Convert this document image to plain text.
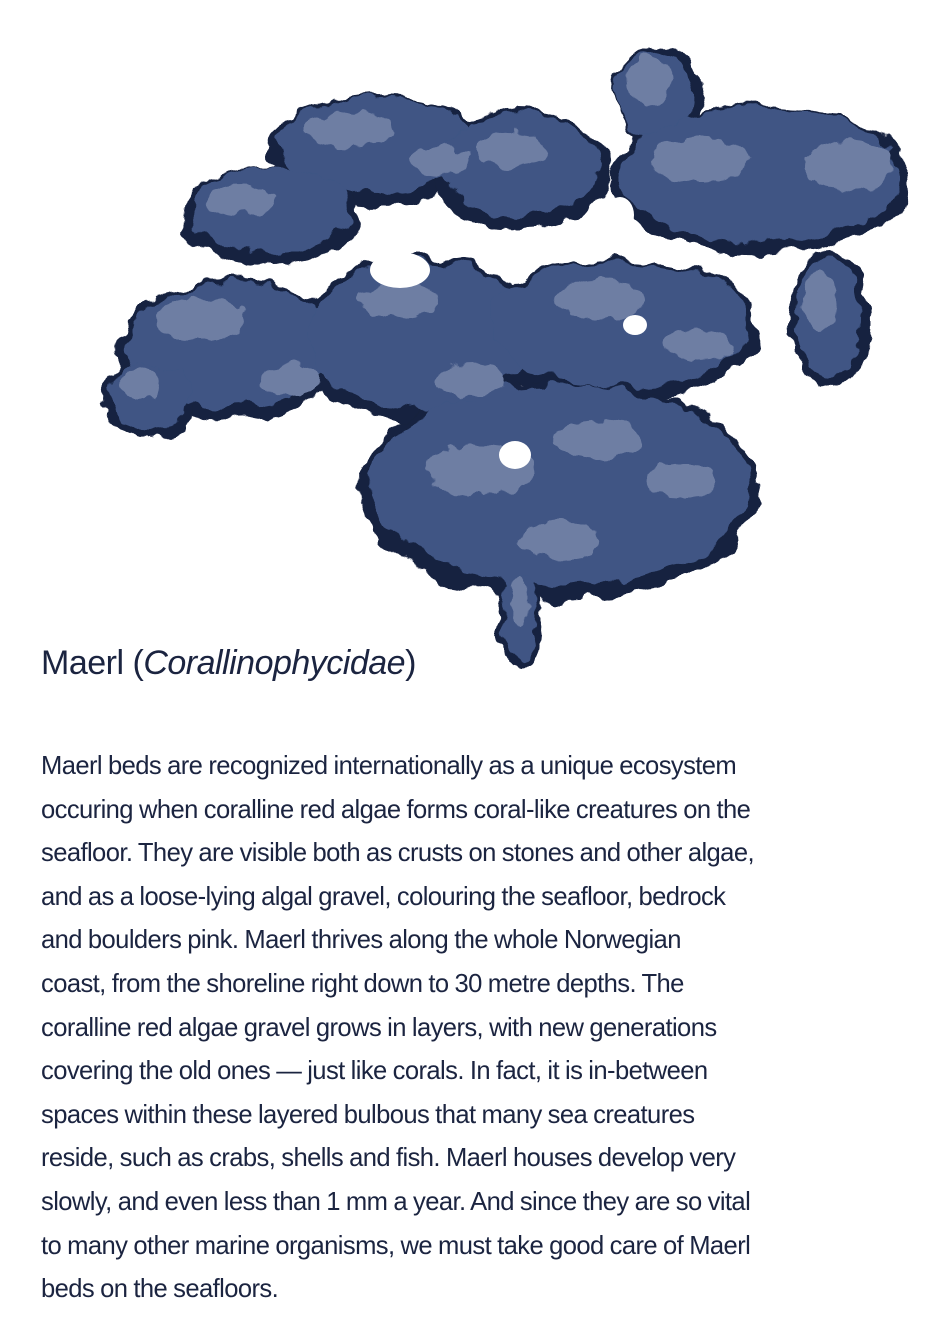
Maerl (Corallinophycidae)

Maerl beds are recognized internationally as a unique ecosystem
occuring when coralline red algae forms coral-like creatures on the
seafloor. They are visible both as crusts on stones and other algae,
and as a loose-lying algal gravel, colouring the seafloor, bedrock
and boulders pink. Maerl thrives along the whole Norwegian
coast, from the shoreline right down to 30 metre depths. The
coralline red algae gravel grows in layers, with new generations
covering the old ones — just like corals. In fact, it is in-between
spaces within these layered bulbous that many sea creatures
reside, such as crabs, shells and fish. Maerl houses develop very
slowly, and even less than 1 mm a year. And since they are so vital
to many other marine organisms, we must take good care of Maerl
beds on the seafloors.
